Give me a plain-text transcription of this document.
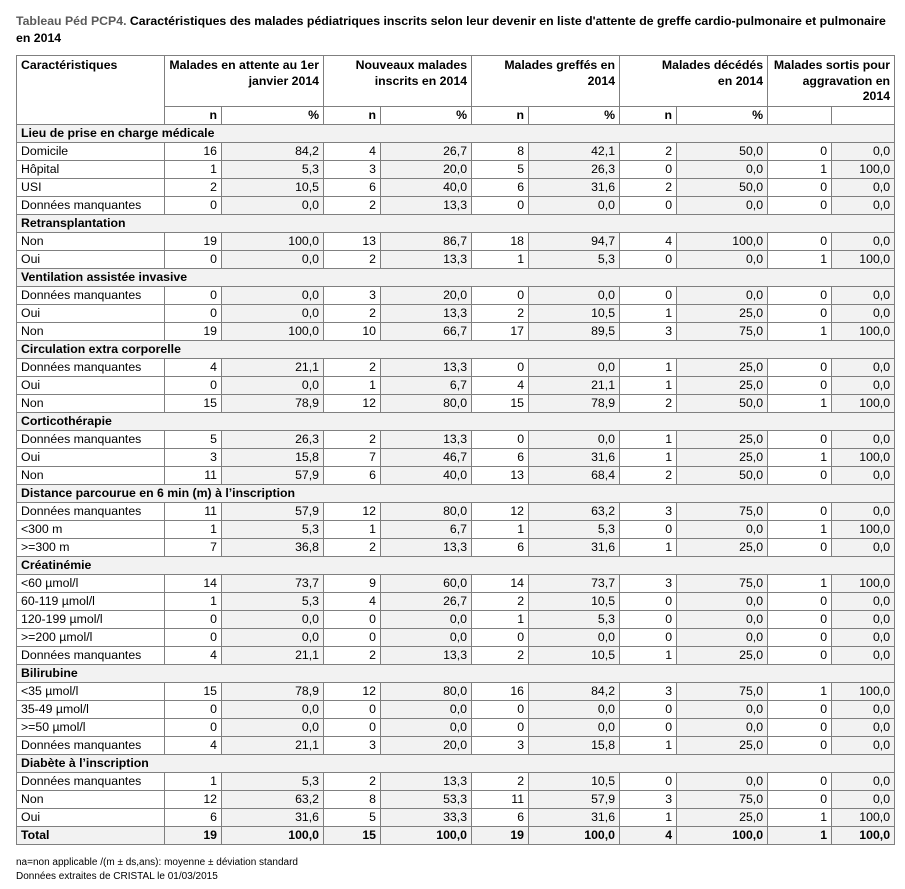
Tableau Péd PCP4. Caractéristiques des malades pédiatriques inscrits selon leur devenir en liste d'attente de greffe cardio-pulmonaire et pulmonaire en 2014
Caractéristiques	Malades en attente au 1er janvier 2014		Nouveaux malades inscrits en 2014		Malades greffés en 2014		Malades décédés en 2014		Malades sortis pour aggravation en 2014	
	n	%	n	%	n	%	n	%		
Lieu de prise en charge médicale										
Domicile	16	84,2	4	26,7	8	42,1	2	50,0	0	0,0
Hôpital	1	5,3	3	20,0	5	26,3	0	0,0	1	100,0
USI	2	10,5	6	40,0	6	31,6	2	50,0	0	0,0
Données manquantes	0	0,0	2	13,3	0	0,0	0	0,0	0	0,0
Retransplantation										
Non	19	100,0	13	86,7	18	94,7	4	100,0	0	0,0
Oui	0	0,0	2	13,3	1	5,3	0	0,0	1	100,0
Ventilation assistée invasive										
Données manquantes	0	0,0	3	20,0	0	0,0	0	0,0	0	0,0
Oui	0	0,0	2	13,3	2	10,5	1	25,0	0	0,0
Non	19	100,0	10	66,7	17	89,5	3	75,0	1	100,0
Circulation extra corporelle										
Données manquantes	4	21,1	2	13,3	0	0,0	1	25,0	0	0,0
Oui	0	0,0	1	6,7	4	21,1	1	25,0	0	0,0
Non	15	78,9	12	80,0	15	78,9	2	50,0	1	100,0
Corticothérapie										
Données manquantes	5	26,3	2	13,3	0	0,0	1	25,0	0	0,0
Oui	3	15,8	7	46,7	6	31,6	1	25,0	1	100,0
Non	11	57,9	6	40,0	13	68,4	2	50,0	0	0,0
Distance parcourue en 6 min (m) à l’inscription										
Données manquantes	11	57,9	12	80,0	12	63,2	3	75,0	0	0,0
<300 m	1	5,3	1	6,7	1	5,3	0	0,0	1	100,0
>=300 m	7	36,8	2	13,3	6	31,6	1	25,0	0	0,0
Créatinémie										
<60 µmol/l	14	73,7	9	60,0	14	73,7	3	75,0	1	100,0
60-119 µmol/l	1	5,3	4	26,7	2	10,5	0	0,0	0	0,0
120-199 µmol/l	0	0,0	0	0,0	1	5,3	0	0,0	0	0,0
>=200 µmol/l	0	0,0	0	0,0	0	0,0	0	0,0	0	0,0
Données manquantes	4	21,1	2	13,3	2	10,5	1	25,0	0	0,0
Bilirubine										
<35 µmol/l	15	78,9	12	80,0	16	84,2	3	75,0	1	100,0
35-49 µmol/l	0	0,0	0	0,0	0	0,0	0	0,0	0	0,0
>=50 µmol/l	0	0,0	0	0,0	0	0,0	0	0,0	0	0,0
Données manquantes	4	21,1	3	20,0	3	15,8	1	25,0	0	0,0
Diabète à l’inscription										
Données manquantes	1	5,3	2	13,3	2	10,5	0	0,0	0	0,0
Non	12	63,2	8	53,3	11	57,9	3	75,0	0	0,0
Oui	6	31,6	5	33,3	6	31,6	1	25,0	1	100,0
Total	19	100,0	15	100,0	19	100,0	4	100,0	1	100,0
na=non applicable /(m ± ds,ans): moyenne ± déviation standard
Données extraites de CRISTAL le 01/03/2015
